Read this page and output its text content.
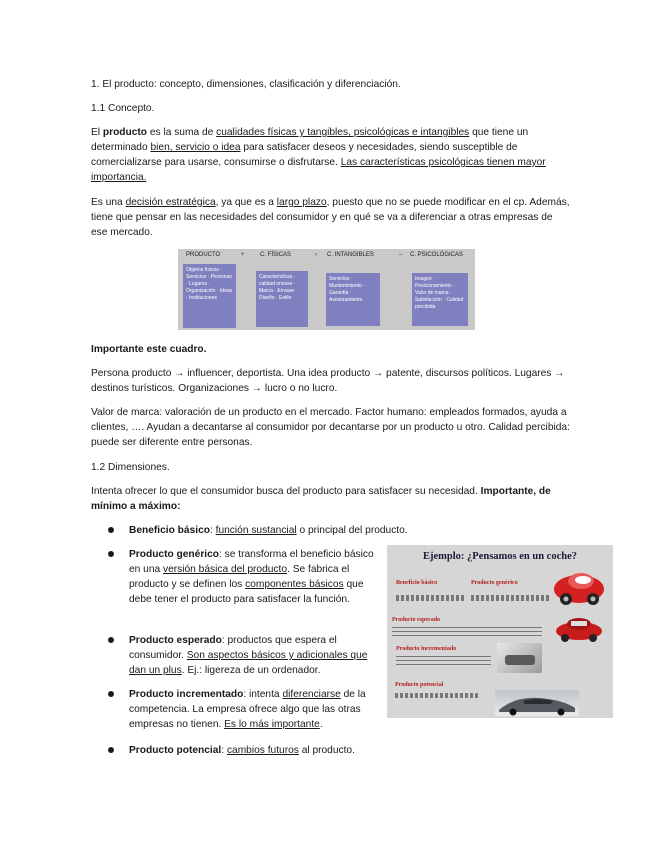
1. El producto: concepto, dimensiones, clasificación y diferenciación.
1.1 Concepto.
El producto es la suma de cualidades físicas y tangibles, psicológicas e intangibles que tiene un determinado bien, servicio o idea para satisfacer deseos y necesidades, siendo susceptible de comercializarse para usarse, consumirse o disfrutarse. Las características psicológicas tienen mayor importancia.
Es una decisión estratégica, ya que es a largo plazo, puesto que no se puede modificar en el cp. Además, tiene que pensar en las necesidades del consumidor y en qué se va a diferenciar a otras empresas de ese mercado.
PRODUCTO	+	C. FÍSICAS	› C. INTANGIBLES	– C. PSICOLÓGICAS
Objetos físicos · Servicios · Personas · Lugares · Organización · Ideas · Instituciones
Características · calidad envase · Marca · Envase · Diseño · Estilo
Servicios · Mantenimiento · Garantía · Asesoramiento
Imagen · Posicionamiento · Valor de marca · Satisfacción · Calidad percibida
Importante este cuadro.
Persona producto → influencer, deportista. Una idea producto → patente, discursos políticos. Lugares → destinos turísticos. Organizaciones → lucro o no lucro.
Valor de marca: valoración de un producto en el mercado. Factor humano: empleados formados, ayuda a clientes, …. Ayudan a decantarse al consumidor por decantarse por un producto u otro. Calidad percibida: puede ser diferente entre personas.
1.2 Dimensiones.
Intenta ofrecer lo que el consumidor busca del producto para satisfacer su necesidad. Importante, de mínimo a máximo:
Beneficio básico: función sustancial o principal del producto.
Producto genérico: se transforma el beneficio básico en una versión básica del producto. Se fabrica el producto y se definen los componentes básicos que debe tener el producto para satisfacer la función.
Producto esperado: productos que espera el consumidor. Son aspectos básicos y adicionales que dan un plus. Ej.: ligereza de un ordenador.
Producto incrementado: intenta diferenciarse de la competencia. La empresa ofrece algo que las otras empresas no tienen. Es lo más importante.
Producto potencial: cambios futuros al producto.
Ejemplo: ¿Pensamos en un coche?
Beneficio básico	Producto genérico
Producto esperado
Producto incrementado
Producto potencial
